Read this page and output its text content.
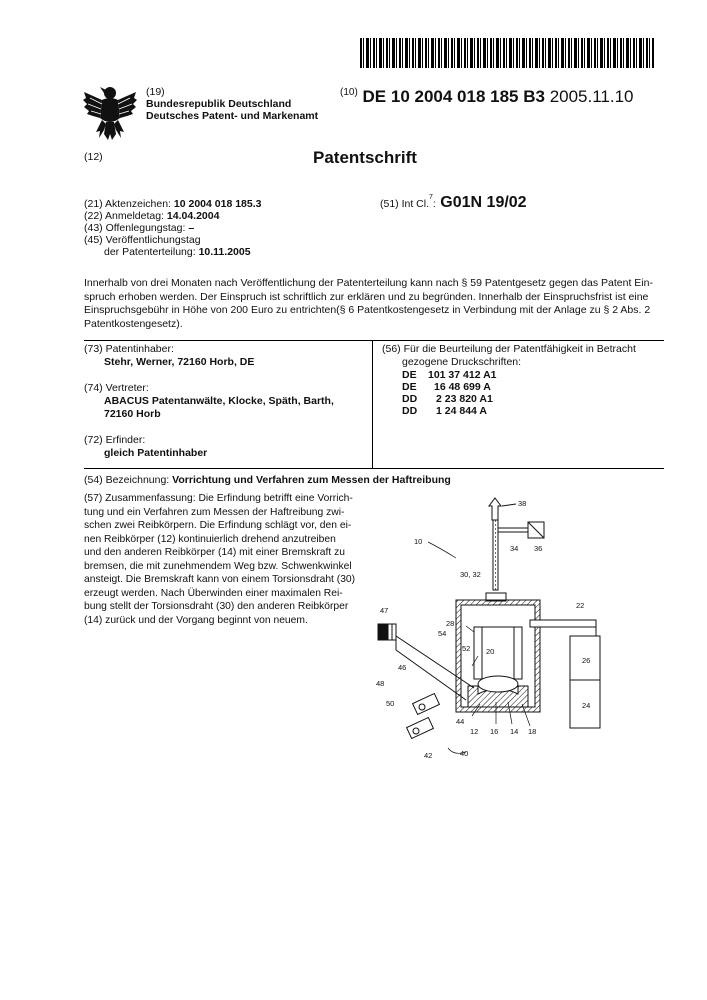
(19)
Bundesrepublik Deutschland
Deutsches Patent- und Markenamt
$^{(10)}$ DE 10 2004 018 185 B3 2005.11.10
(12)	Patentschrift
(21) Aktenzeichen: 10 2004 018 185.3
(22) Anmeldetag: 14.04.2004
(43) Offenlegungstag: –
(45) Veröffentlichungstag
der Patenterteilung: 10.11.2005
(51) Int Cl.$^7$: G01N 19/02
Innerhalb von drei Monaten nach Veröffentlichung der Patenterteilung kann nach § 59 Patentgesetz gegen das Patent Ein-
spruch erhoben werden. Der Einspruch ist schriftlich zur erklären und zu begründen. Innerhalb der Einspruchsfrist ist eine
Einspruchsgebühr in Höhe von 200 Euro zu entrichten(§ 6 Patentkostengesetz in Verbindung mit der Anlage zu § 2 Abs. 2
Patentkostengesetz).
(73) Patentinhaber:
Stehr, Werner, 72160 Horb, DE
(74) Vertreter:
ABACUS Patentanwälte, Klocke, Späth, Barth,
72160 Horb
(72) Erfinder:
gleich Patentinhaber
(56) Für die Beurteilung der Patentfähigkeit in Betracht
gezogene Druckschriften:
DE 101 37 412 A1
DE 16 48 699 A
DD 2 23 820 A1
DD 1 24 844 A
(54) Bezeichnung: Vorrichtung und Verfahren zum Messen der Haftreibung
(57) Zusammenfassung: Die Erfindung betrifft eine Vorrich-
tung und ein Verfahren zum Messen der Haftreibung zwi-
schen zwei Reibkörpern. Die Erfindung schlägt vor, den ei-
nen Reibkörper (12) kontinuierlich drehend anzutreiben
und den anderen Reibkörper (14) mit einer Bremskraft zu
bremsen, die mit zunehmendem Weg bzw. Schwenkwinkel
ansteigt. Die Bremskraft kann von einem Torsionsdraht (30)
erzeugt werden. Nach Überwinden einer maximalen Rei-
bung stellt der Torsionsdraht (30) den anderen Reibkörper
(14) zurück und der Vorgang beginnt von neuem.
38
34 36
10
30, 32
22
28
47
54
52 20
26
24
46
48
50
44
12 16 14 18
42	40
